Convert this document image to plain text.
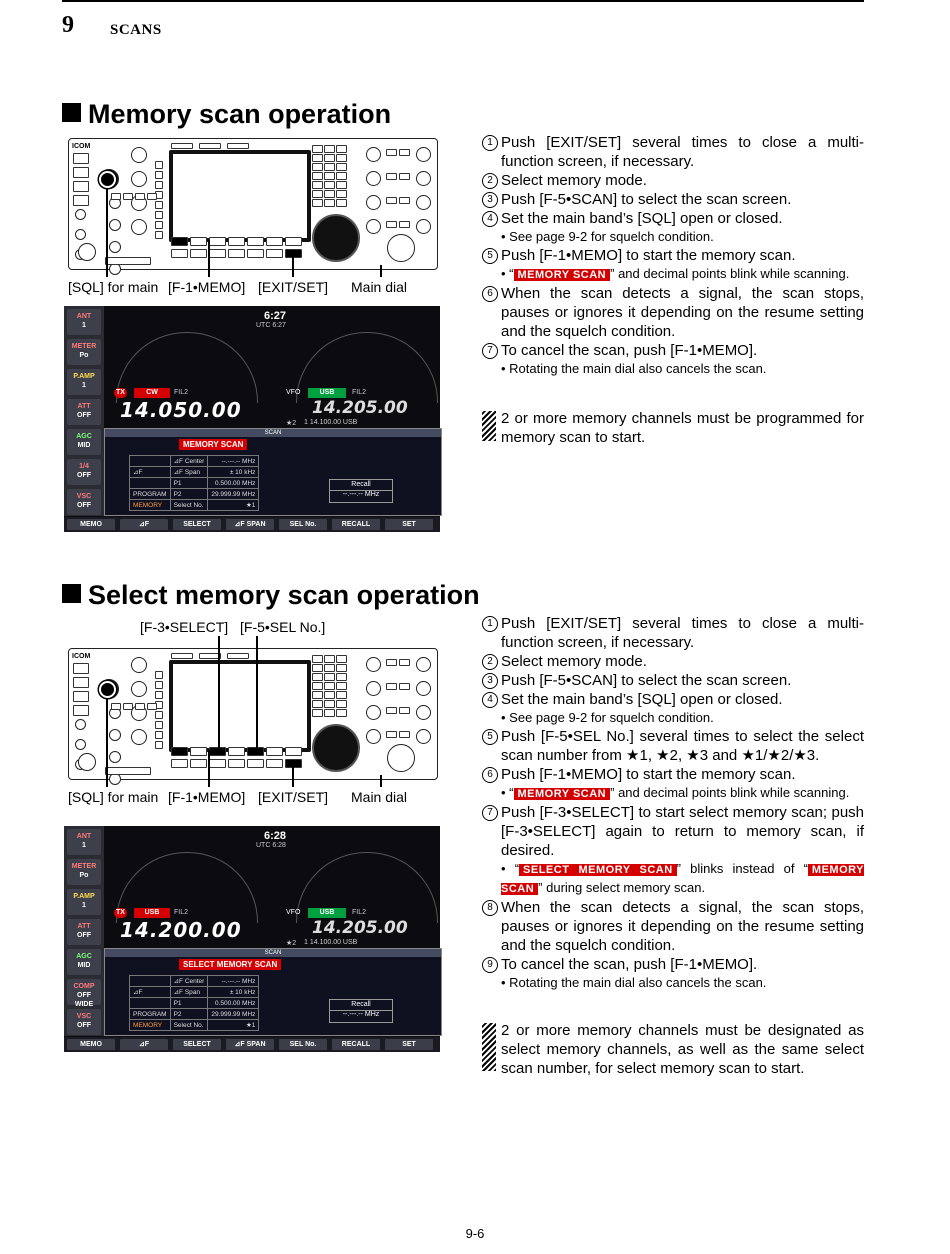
9 SCANS
Memory scan operation
ICOM
ANT
1
METER
Po
P.AMP
1
ATT
OFF
AGC
MID
1/4
OFF
VSC
OFF
6:27
UTC 6:27
TX	CW	FIL2	VFO	USB	FIL2
14.050.00	14.205.00
★2 1 14.100.00 USB
SCAN
MEMORY SCAN
	⊿F Center	--.---.-- MHz
⊿F	⊿F Span	± 10 kHz
	P1	0.500.00 MHz
PROGRAM	P2	29.999.99 MHz
MEMORY	Select No.	★1
Recall
--.---.-- MHz
MEMO	⊿F	SELECT	⊿F SPAN	SEL No.	RECALL	SET
1 Push [EXIT/SET] several times to close a multi-function screen, if necessary.
2 Select memory mode.
3 Push [F-5•SCAN] to select the scan screen.
4 Set the main band’s [SQL] open or closed.
• See page 9-2 for squelch condition.
5 Push [F-1•MEMO] to start the memory scan.
• “ MEMORY SCAN ” and decimal points blink while scanning.
6 When the scan detects a signal, the scan stops, pauses or ignores it depending on the resume setting and the squelch condition.
7 To cancel the scan, push [F-1•MEMO].
• Rotating the main dial also cancels the scan.
2 or more memory channels must be programmed for memory scan to start.
Select memory scan operation
[F-3•SELECT] [F-5•SEL No.]
ICOM
ANT
1
METER
Po
P.AMP
1
ATT
OFF
AGC
MID
COMP
OFF WIDE
VSC
OFF
6:28
UTC 6:28
TX	USB	FIL2	VFO	USB	FIL2
14.200.00	14.205.00
★2 1 14.100.00 USB
SCAN
SELECT MEMORY SCAN
	⊿F Center	--.---.-- MHz
⊿F	⊿F Span	± 10 kHz
	P1	0.500.00 MHz
PROGRAM	P2	29.999.99 MHz
MEMORY	Select No.	★1
Recall
--.---.-- MHz
MEMO	⊿F	SELECT	⊿F SPAN	SEL No.	RECALL	SET
1 Push [EXIT/SET] several times to close a multi-function screen, if necessary.
2 Select memory mode.
3 Push [F-5•SCAN] to select the scan screen.
4 Set the main band’s [SQL] open or closed.
• See page 9-2 for squelch condition.
5 Push [F-5•SEL No.] several times to select the select scan number from ★1, ★2, ★3 and ★1/★2/★3.
6 Push [F-1•MEMO] to start the memory scan.
• “ MEMORY SCAN ” and decimal points blink while scanning.
7 Push [F-3•SELECT] to start select memory scan; push [F-3•SELECT] again to return to memory scan, if desired.
• “ SELECT MEMORY SCAN ” blinks instead of “ MEMORY SCAN ” during select memory scan.
8 When the scan detects a signal, the scan stops, pauses or ignores it depending on the resume setting and the squelch condition.
9 To cancel the scan, push [F-1•MEMO].
• Rotating the main dial also cancels the scan.
2 or more memory channels must be designated as select memory channels, as well as the same select scan number, for select memory scan to start.
9-6
[SQL] for main [F-1•MEMO] [EXIT/SET] Main dial
[SQL] for main [F-1•MEMO] [EXIT/SET] Main dial
